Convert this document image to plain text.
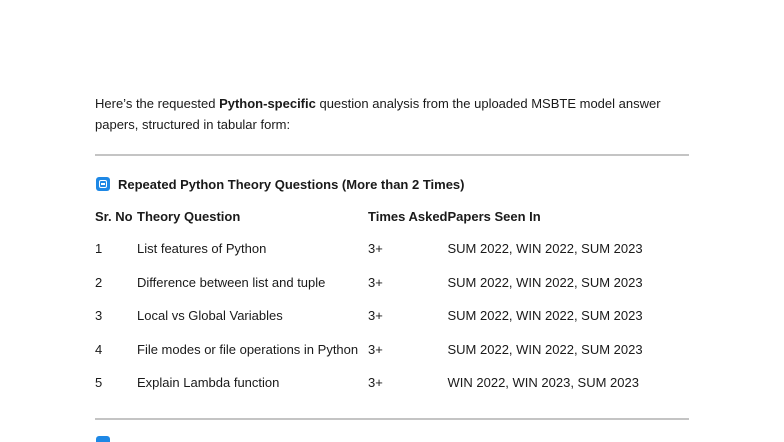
Here’s the requested Python-specific question analysis from the uploaded MSBTE model answer papers, structured in tabular form:
Repeated Python Theory Questions (More than 2 Times)
Sr. No	Theory Question	Times Asked	Papers Seen In
1	List features of Python	3+	SUM 2022, WIN 2022, SUM 2023
2	Difference between list and tuple	3+	SUM 2022, WIN 2022, SUM 2023
3	Local vs Global Variables	3+	SUM 2022, WIN 2022, SUM 2023
4	File modes or file operations in Python	3+	SUM 2022, WIN 2022, SUM 2023
5	Explain Lambda function	3+	WIN 2022, WIN 2023, SUM 2023
